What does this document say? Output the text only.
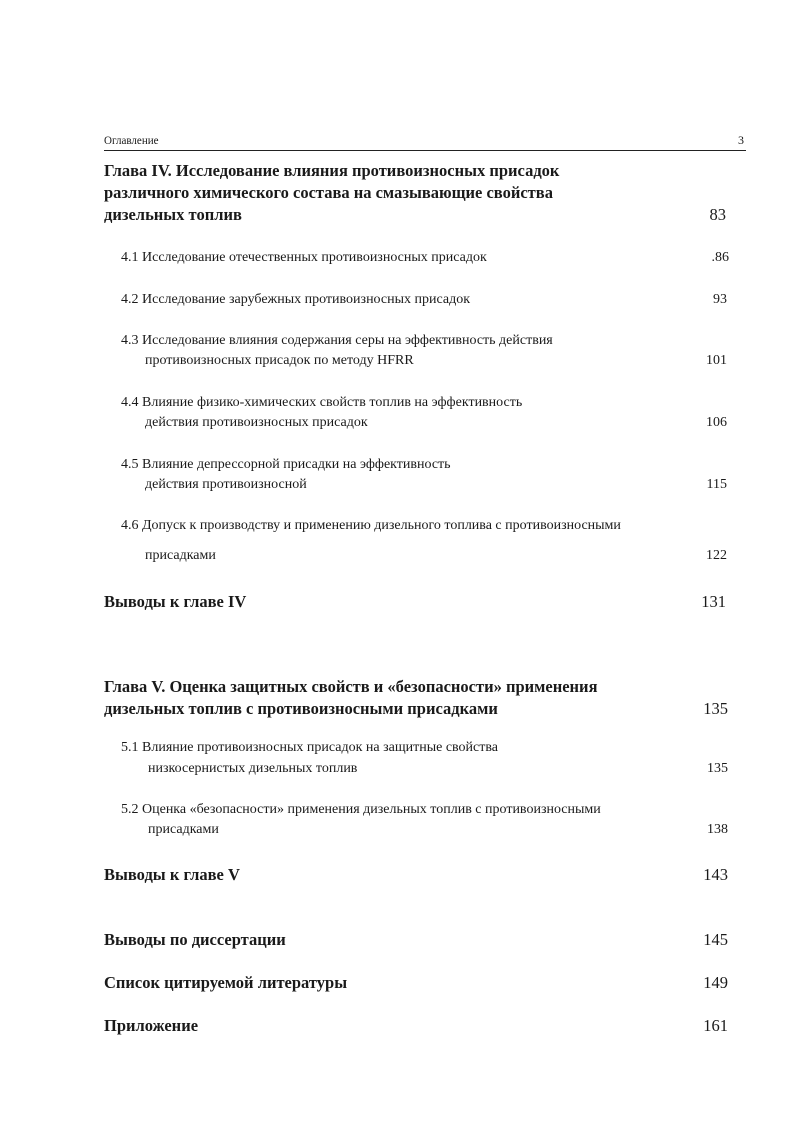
Оглавление	3
Глава IV. Исследование влияния противоизносных присадок
различного химического состава на смазывающие свойства
дизельных топлив	83
4.1 Исследование отечественных противоизносных присадок	.86
4.2 Исследование зарубежных противоизносных присадок	93
4.3 Исследование влияния содержания серы на эффективность действия
противоизносных присадок по методу HFRR	101
4.4 Влияние физико-химических свойств топлив на эффективность
действия противоизносных присадок	106
4.5 Влияние депрессорной присадки на эффективность
действия противоизносной	115
4.6 Допуск к производству и применению дизельного топлива с противоизносными
присадками	122
Выводы к главе IV	131
Глава V. Оценка защитных свойств и «безопасности» применения
дизельных топлив с противоизносными присадками	135
5.1 Влияние противоизносных присадок на защитные свойства
низкосернистых дизельных топлив	135
5.2 Оценка «безопасности» применения дизельных топлив с противоизносными
присадками	138
Выводы к главе V	143
Выводы по диссертации	145
Список цитируемой литературы	149
Приложение	161
